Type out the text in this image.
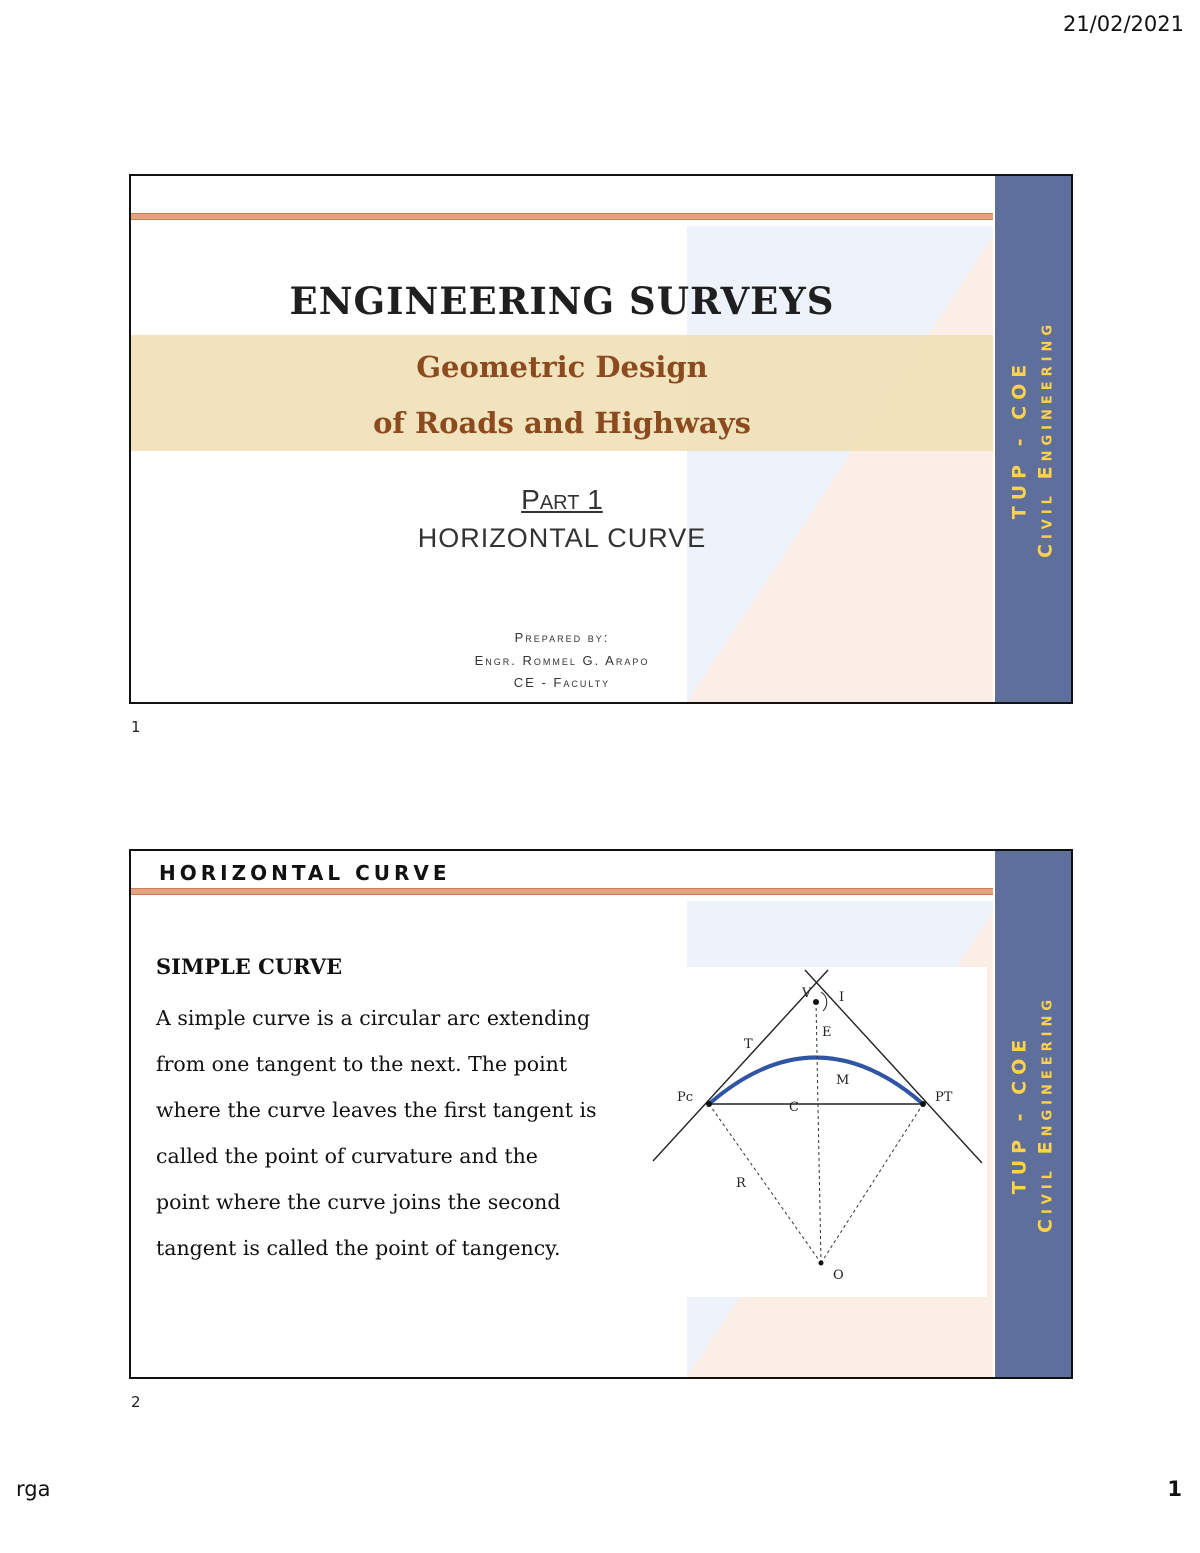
21/02/2021
ENGINEERING SURVEYS
Geometric Design
of Roads and Highways
Part 1
HORIZONTAL CURVE
Prepared by:
Engr. Rommel G. Arapo
CE - Faculty
TUP - COE Civil Engineering
1
HORIZONTAL CURVE
SIMPLE CURVE
A simple curve is a circular arc extending
from one tangent to the next. The point
where the curve leaves the first tangent is
called the point of curvature and the
point where the curve joins the second
tangent is called the point of tangency.
V I
T
E
M
Pc	PT
C
R
O
TUP - COE Civil Engineering
2
rga	1
